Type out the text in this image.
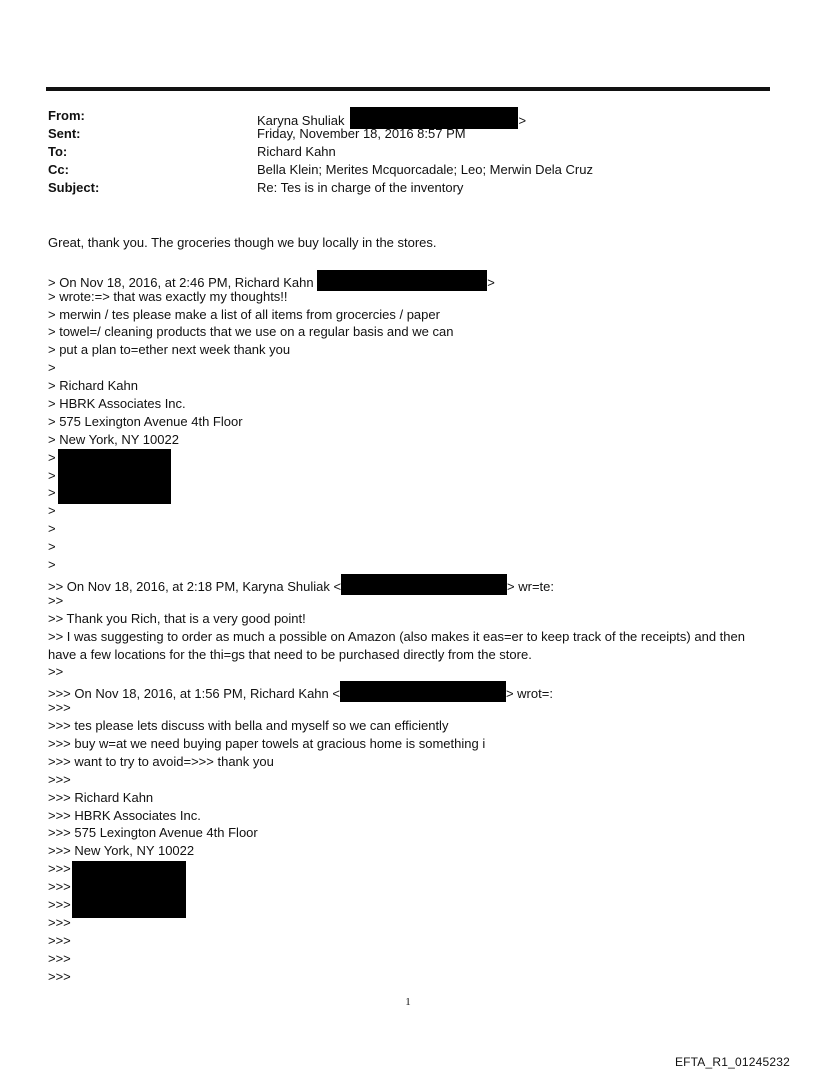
From:	Karyna Shuliak	>
Sent:	Friday, November 18, 2016 8:57 PM
To:	Richard Kahn
Cc:	Bella Klein; Merites Mcquorcadale; Leo; Merwin Dela Cruz
Subject:	Re: Tes is in charge of the inventory
Great, thank you. The groceries though we buy locally in the stores.
> On Nov 18, 2016, at 2:46 PM, Richard Kahn	>
> wrote:=> that was exactly my thoughts!!
> merwin / tes please make a list of all items from grocercies / paper
> towel=/ cleaning products that we use on a regular basis and we can
> put a plan to=ether next week thank you
>
> Richard Kahn
> HBRK Associates Inc.
> 575 Lexington Avenue 4th Floor
> New York, NY 10022
>
>
>
>
>
>
>
>> On Nov 18, 2016, at 2:18 PM, Karyna Shuliak <	> wr=te:
>>
>> Thank you Rich, that is a very good point!
>> I was suggesting to order as much a possible on Amazon (also makes it eas=er to keep track of the receipts) and then have a few locations for the thi=gs that need to be purchased directly from the store.
>>
>>> On Nov 18, 2016, at 1:56 PM, Richard Kahn <	> wrot=:
>>>
>>> tes please lets discuss with bella and myself so we can efficiently
>>> buy w=at we need buying paper towels at gracious home is something i
>>> want to try to avoid=>>> thank you
>>>
>>> Richard Kahn
>>> HBRK Associates Inc.
>>> 575 Lexington Avenue 4th Floor
>>> New York, NY 10022
>>>
>>>
>>>
>>>
>>>
>>>
>>>
1
EFTA_R1_01245232
